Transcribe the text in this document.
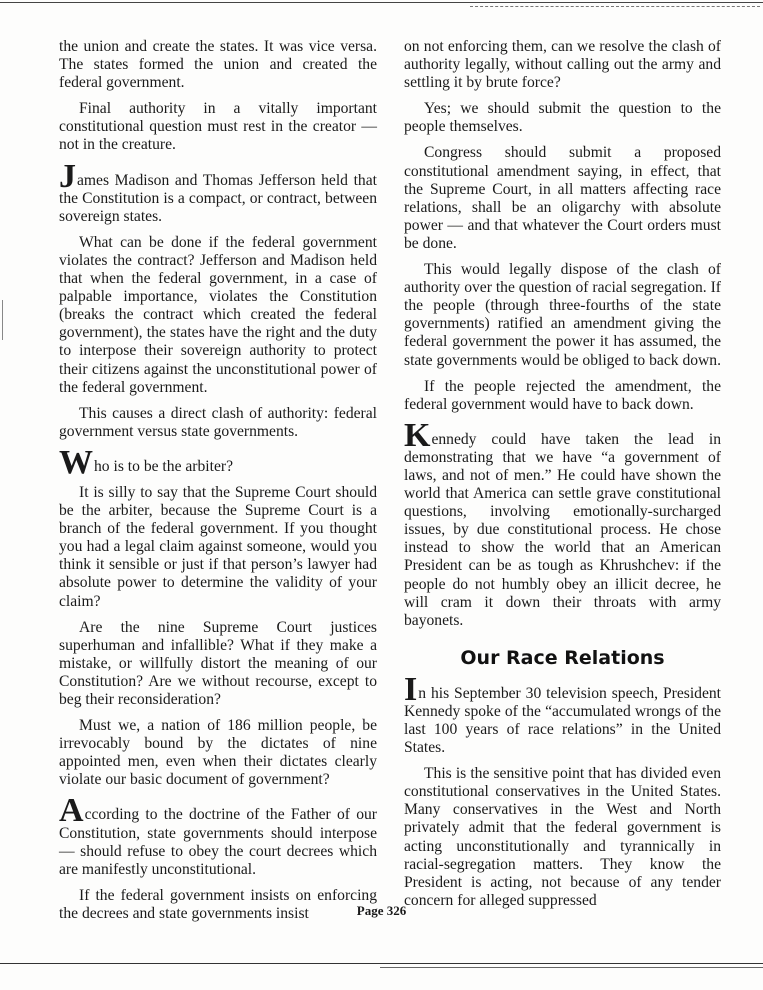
the union and create the states. It was vice versa. The states formed the union and created the federal government.

Final authority in a vitally important constitutional question must rest in the creator — not in the creature.

James Madison and Thomas Jefferson held that the Constitution is a compact, or contract, between sovereign states.

What can be done if the federal government violates the contract? Jefferson and Madison held that when the federal government, in a case of palpable importance, violates the Constitution (breaks the contract which created the federal government), the states have the right and the duty to interpose their sovereign authority to protect their citizens against the unconstitutional power of the federal government.

This causes a direct clash of authority: federal government versus state governments.

Who is to be the arbiter?

It is silly to say that the Supreme Court should be the arbiter, because the Supreme Court is a branch of the federal government. If you thought you had a legal claim against someone, would you think it sensible or just if that person’s lawyer had absolute power to determine the validity of your claim?

Are the nine Supreme Court justices superhuman and infallible? What if they make a mistake, or willfully distort the meaning of our Constitution? Are we without recourse, except to beg their reconsideration?

Must we, a nation of 186 million people, be irrevocably bound by the dictates of nine appointed men, even when their dictates clearly violate our basic document of government?

According to the doctrine of the Father of our Constitution, state governments should interpose — should refuse to obey the court decrees which are manifestly unconstitutional.

If the federal government insists on enforcing the decrees and state governments insist

on not enforcing them, can we resolve the clash of authority legally, without calling out the army and settling it by brute force?

Yes; we should submit the question to the people themselves.

Congress should submit a proposed constitutional amendment saying, in effect, that the Supreme Court, in all matters affecting race relations, shall be an oligarchy with absolute power — and that whatever the Court orders must be done.

This would legally dispose of the clash of authority over the question of racial segregation. If the people (through three-fourths of the state governments) ratified an amendment giving the federal government the power it has assumed, the state governments would be obliged to back down.

If the people rejected the amendment, the federal government would have to back down.

Kennedy could have taken the lead in demonstrating that we have “a government of laws, and not of men.” He could have shown the world that America can settle grave constitutional questions, involving emotionally-surcharged issues, by due constitutional process. He chose instead to show the world that an American President can be as tough as Khrushchev: if the people do not humbly obey an illicit decree, he will cram it down their throats with army bayonets.

Our Race Relations

In his September 30 television speech, President Kennedy spoke of the “accumulated wrongs of the last 100 years of race relations” in the United States.

This is the sensitive point that has divided even constitutional conservatives in the United States. Many conservatives in the West and North privately admit that the federal government is acting unconstitutionally and tyrannically in racial-segregation matters. They know the President is acting, not because of any tender concern for alleged suppressed

Page 326
